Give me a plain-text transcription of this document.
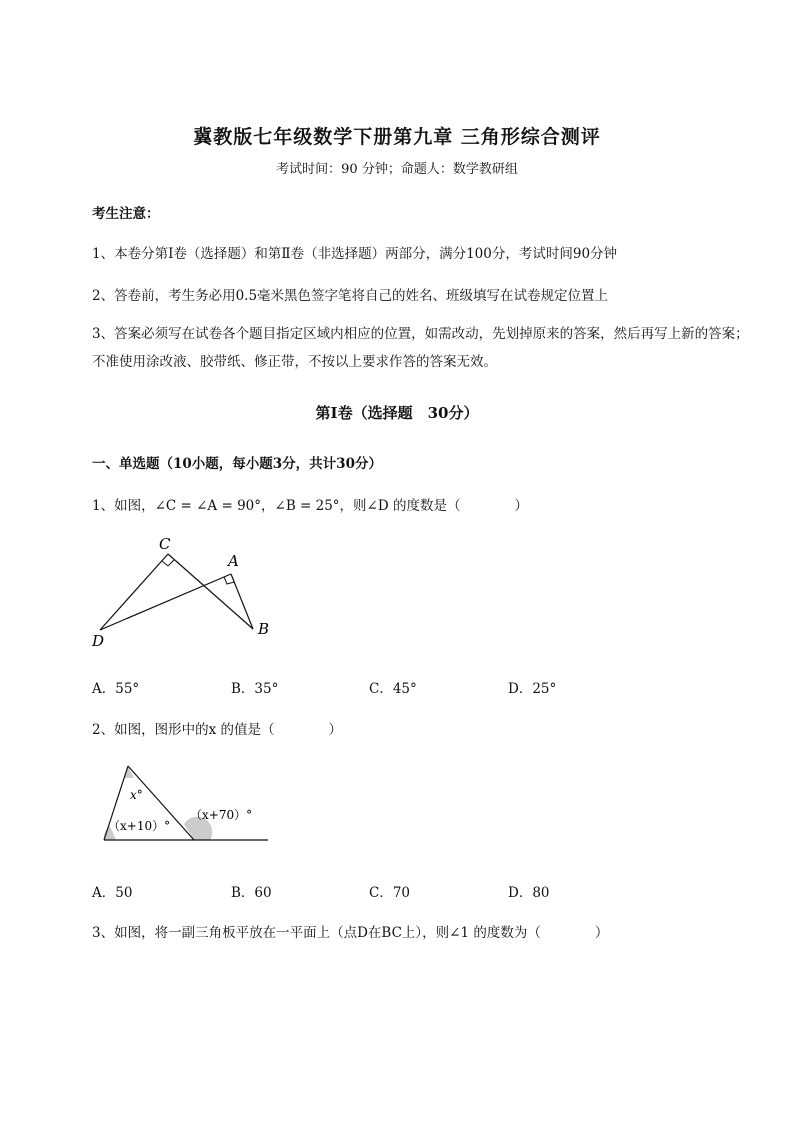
冀教版七年级数学下册第九章 三角形综合测评
考试时间：90 分钟；命题人：数学教研组
考生注意：
1、本卷分第Ⅰ卷（选择题）和第Ⅱ卷（非选择题）两部分，满分100分，考试时间90分钟
2、答卷前，考生务必用0.5毫米黑色签字笔将自己的姓名、班级填写在试卷规定位置上
3、答案必须写在试卷各个题目指定区域内相应的位置，如需改动，先划掉原来的答案，然后再写上新的答案；不准使用涂改液、胶带纸、修正带，不按以上要求作答的答案无效。
第Ⅰ卷（选择题　30分）
一、单选题（10小题，每小题3分，共计30分）
1、如图，∠C = ∠A = 90°，∠B = 25°，则∠D 的度数是（　　　　）
C
A
D
B
A．55°	B．35°	C．45°	D．25°
2、如图，图形中的x 的值是（　　　　）
x°
（x+10）°
（x+70）°
A．50	B．60	C．70	D．80
3、如图，将一副三角板平放在一平面上（点D在BC上），则∠1 的度数为（　　　　）
